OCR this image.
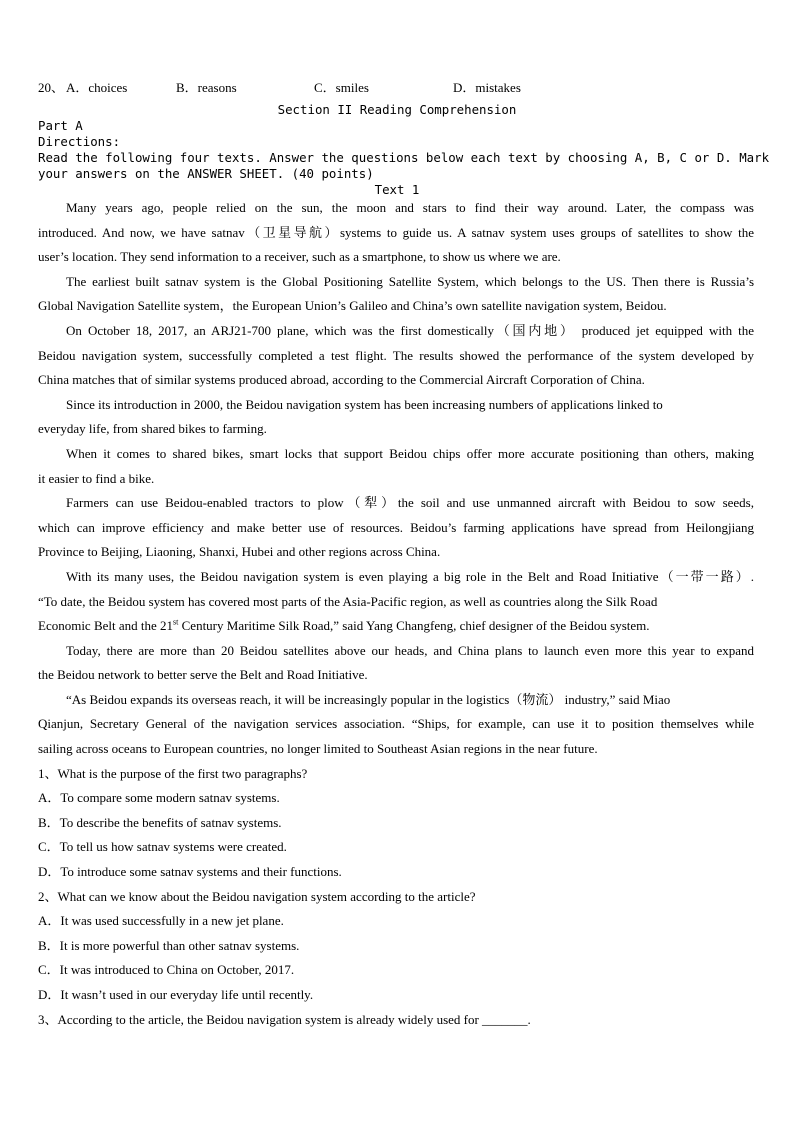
20、 A．choices	B．reasons	C．smiles	D．mistakes
Section II Reading Comprehension
Part A
Directions:
Read the following four texts. Answer the questions below each text by choosing A, B, C or D. Mark
your answers on the ANSWER SHEET. (40 points)
Text 1
Many years ago, people relied on the sun, the moon and stars to find their way around. Later, the compass was
introduced. And now, we have satnav（卫星导航）systems to guide us. A satnav system uses groups of satellites to show the
user’s location. They send information to a receiver, such as a smartphone, to show us where we are.
The earliest built satnav system is the Global Positioning Satellite System, which belongs to the US. Then there is Russia’s
Global Navigation Satellite system，the European Union’s Galileo and China’s own satellite navigation system, Beidou.
On October 18, 2017, an ARJ21-700 plane, which was the first domestically（国内地） produced jet equipped with the
Beidou navigation system, successfully completed a test flight. The results showed the performance of the system developed by
China matches that of similar systems produced abroad, according to the Commercial Aircraft Corporation of China.
Since its introduction in 2000, the Beidou navigation system has been increasing numbers of applications linked to
everyday life, from shared bikes to farming.
When it comes to shared bikes, smart locks that support Beidou chips offer more accurate positioning than others, making
it easier to find a bike.
Farmers can use Beidou-enabled tractors to plow（犁）the soil and use unmanned aircraft with Beidou to sow seeds,
which can improve efficiency and make better use of resources. Beidou’s farming applications have spread from Heilongjiang
Province to Beijing, Liaoning, Shanxi, Hubei and other regions across China.
With its many uses, the Beidou navigation system is even playing a big role in the Belt and Road Initiative（一带一路）.
“To date, the Beidou system has covered most parts of the Asia-Pacific region, as well as countries along the Silk Road
Economic Belt and the 21st Century Maritime Silk Road,” said Yang Changfeng, chief designer of the Beidou system.
Today, there are more than 20 Beidou satellites above our heads, and China plans to launch even more this year to expand
the Beidou network to better serve the Belt and Road Initiative.
“As Beidou expands its overseas reach, it will be increasingly popular in the logistics（物流） industry,” said Miao
Qianjun, Secretary General of the navigation services association. “Ships, for example, can use it to position themselves while
sailing across oceans to European countries, no longer limited to Southeast Asian regions in the near future.
1、What is the purpose of the first two paragraphs?
A．To compare some modern satnav systems.
B．To describe the benefits of satnav systems.
C．To tell us how satnav systems were created.
D．To introduce some satnav systems and their functions.
2、What can we know about the Beidou navigation system according to the article?
A．It was used successfully in a new jet plane.
B．It is more powerful than other satnav systems.
C．It was introduced to China on October, 2017.
D．It wasn’t used in our everyday life until recently.
3、According to the article, the Beidou navigation system is already widely used for _______.
